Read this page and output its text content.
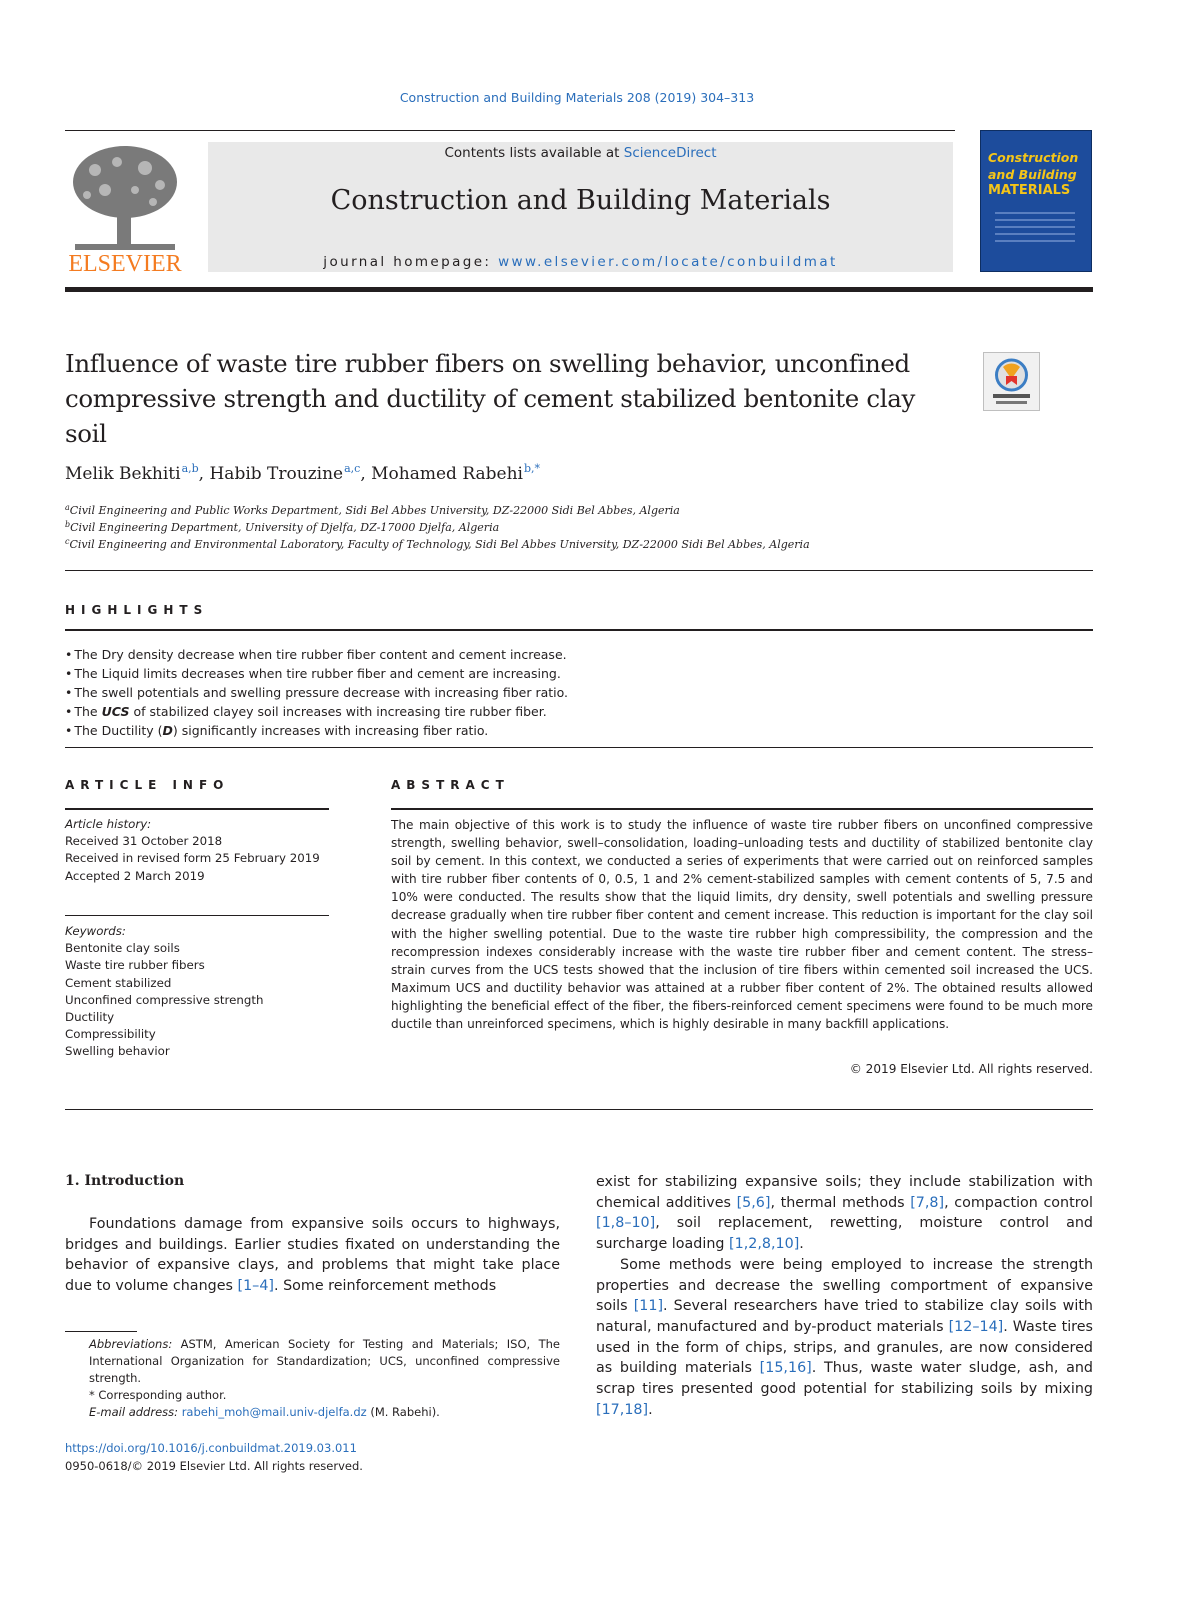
Construction and Building Materials 208 (2019) 304–313
ELSEVIER
Contents lists available at ScienceDirect
Construction and Building Materials
journal homepage: www.elsevier.com/locate/conbuildmat
Construction
and Building
MATERIALS
Influence of waste tire rubber fibers on swelling behavior, unconfined compressive strength and ductility of cement stabilized bentonite clay soil
Melik Bekhiti$^{a,b}$, Habib Trouzine$^{a,c}$, Mohamed Rabehi$^{b,*}$
$^a$Civil Engineering and Public Works Department, Sidi Bel Abbes University, DZ-22000 Sidi Bel Abbes, Algeria
$^b$Civil Engineering Department, University of Djelfa, DZ-17000 Djelfa, Algeria
$^c$Civil Engineering and Environmental Laboratory, Faculty of Technology, Sidi Bel Abbes University, DZ-22000 Sidi Bel Abbes, Algeria
HIGHLIGHTS
• The Dry density decrease when tire rubber fiber content and cement increase.
• The Liquid limits decreases when tire rubber fiber and cement are increasing.
• The swell potentials and swelling pressure decrease with increasing fiber ratio.
• The UCS of stabilized clayey soil increases with increasing tire rubber fiber.
• The Ductility (D) significantly increases with increasing fiber ratio.
ARTICLE INFO
Article history:
Received 31 October 2018
Received in revised form 25 February 2019
Accepted 2 March 2019
Keywords:
Bentonite clay soils
Waste tire rubber fibers
Cement stabilized
Unconfined compressive strength
Ductility
Compressibility
Swelling behavior
ABSTRACT
The main objective of this work is to study the influence of waste tire rubber fibers on unconfined compressive strength, swelling behavior, swell–consolidation, loading–unloading tests and ductility of stabilized bentonite clay soil by cement. In this context, we conducted a series of experiments that were carried out on reinforced samples with tire rubber fiber contents of 0, 0.5, 1 and 2% cement-stabilized samples with cement contents of 5, 7.5 and 10% were conducted. The results show that the liquid limits, dry density, swell potentials and swelling pressure decrease gradually when tire rubber fiber content and cement increase. This reduction is important for the clay soil with the higher swelling potential. Due to the waste tire rubber high compressibility, the compression and the recompression indexes considerably increase with the waste tire rubber fiber and cement content. The stress–strain curves from the UCS tests showed that the inclusion of tire fibers within cemented soil increased the UCS. Maximum UCS and ductility behavior was attained at a rubber fiber content of 2%. The obtained results allowed highlighting the beneficial effect of the fiber, the fibers-reinforced cement specimens were found to be much more ductile than unreinforced specimens, which is highly desirable in many backfill applications.
© 2019 Elsevier Ltd. All rights reserved.
1. Introduction
Foundations damage from expansive soils occurs to highways, bridges and buildings. Earlier studies fixated on understanding the behavior of expansive clays, and problems that might take place due to volume changes [1–4]. Some reinforcement methods

exist for stabilizing expansive soils; they include stabilization with chemical additives [5,6], thermal methods [7,8], compaction control [1,8–10], soil replacement, rewetting, moisture control and surcharge loading [1,2,8,10].

Some methods were being employed to increase the strength properties and decrease the swelling comportment of expansive soils [11]. Several researchers have tried to stabilize clay soils with natural, manufactured and by-product materials [12–14]. Waste tires used in the form of chips, strips, and granules, are now considered as building materials [15,16]. Thus, waste water sludge, ash, and scrap tires presented good potential for stabilizing soils by mixing [17,18].

Abbreviations: ASTM, American Society for Testing and Materials; ISO, The International Organization for Standardization; UCS, unconfined compressive strength.
* Corresponding author.
E-mail address: rabehi_moh@mail.univ-djelfa.dz (M. Rabehi).
https://doi.org/10.1016/j.conbuildmat.2019.03.011
0950-0618/© 2019 Elsevier Ltd. All rights reserved.
